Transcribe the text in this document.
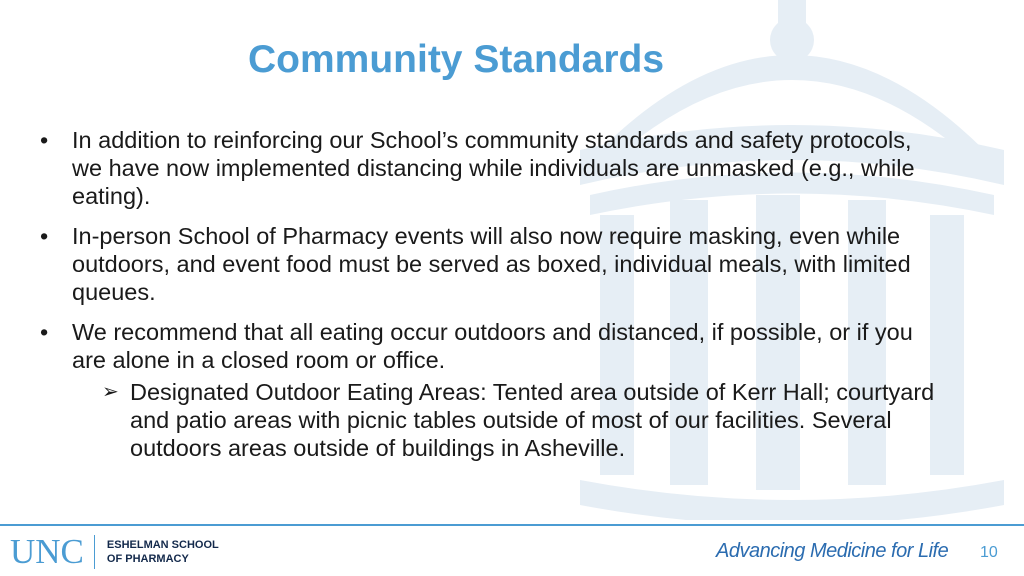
Community Standards
• In addition to reinforcing our School’s community standards and safety protocols, we have now implemented distancing while individuals are unmasked (e.g., while eating).
• In-person School of Pharmacy events will also now require masking, even while outdoors, and event food must be served as boxed, individual meals, with limited queues.
• We recommend that all eating occur outdoors and distanced, if possible, or if you are alone in a closed room or office.
➢ Designated Outdoor Eating Areas: Tented area outside of Kerr Hall; courtyard and patio areas with picnic tables outside of most of our facilities. Several outdoors areas outside of buildings in Asheville.
UNC ESHELMAN SCHOOL
OF PHARMACY	Advancing Medicine for Life 10
